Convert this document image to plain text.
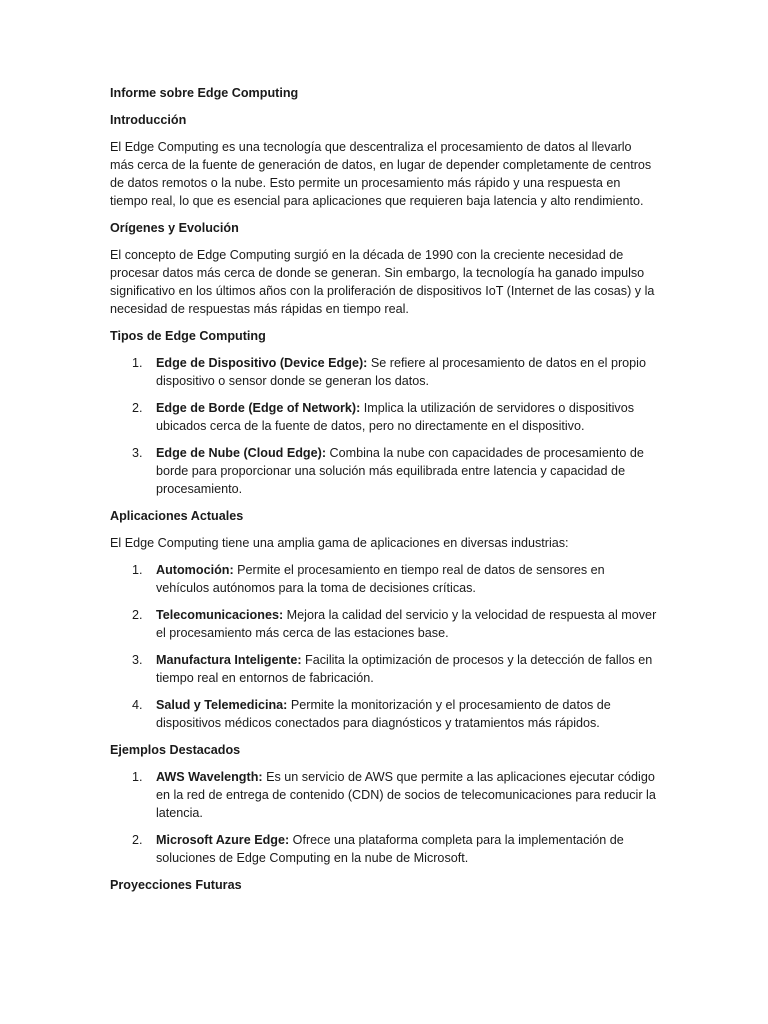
Informe sobre Edge Computing
Introducción

El Edge Computing es una tecnología que descentraliza el procesamiento de datos al llevarlo más cerca de la fuente de generación de datos, en lugar de depender completamente de centros de datos remotos o la nube. Esto permite un procesamiento más rápido y una respuesta en tiempo real, lo que es esencial para aplicaciones que requieren baja latencia y alto rendimiento.

Orígenes y Evolución

El concepto de Edge Computing surgió en la década de 1990 con la creciente necesidad de procesar datos más cerca de donde se generan. Sin embargo, la tecnología ha ganado impulso significativo en los últimos años con la proliferación de dispositivos IoT (Internet de las cosas) y la necesidad de respuestas más rápidas en tiempo real.

Tipos de Edge Computing
1. Edge de Dispositivo (Device Edge): Se refiere al procesamiento de datos en el propio dispositivo o sensor donde se generan los datos.
2. Edge de Borde (Edge of Network): Implica la utilización de servidores o dispositivos ubicados cerca de la fuente de datos, pero no directamente en el dispositivo.
3. Edge de Nube (Cloud Edge): Combina la nube con capacidades de procesamiento de borde para proporcionar una solución más equilibrada entre latencia y capacidad de procesamiento.
Aplicaciones Actuales

El Edge Computing tiene una amplia gama de aplicaciones en diversas industrias:

1. Automoción: Permite el procesamiento en tiempo real de datos de sensores en vehículos autónomos para la toma de decisiones críticas.
2. Telecomunicaciones: Mejora la calidad del servicio y la velocidad de respuesta al mover el procesamiento más cerca de las estaciones base.
3. Manufactura Inteligente: Facilita la optimización de procesos y la detección de fallos en tiempo real en entornos de fabricación.
4. Salud y Telemedicina: Permite la monitorización y el procesamiento de datos de dispositivos médicos conectados para diagnósticos y tratamientos más rápidos.
Ejemplos Destacados
1. AWS Wavelength: Es un servicio de AWS que permite a las aplicaciones ejecutar código en la red de entrega de contenido (CDN) de socios de telecomunicaciones para reducir la latencia.
2. Microsoft Azure Edge: Ofrece una plataforma completa para la implementación de soluciones de Edge Computing en la nube de Microsoft.
Proyecciones Futuras
